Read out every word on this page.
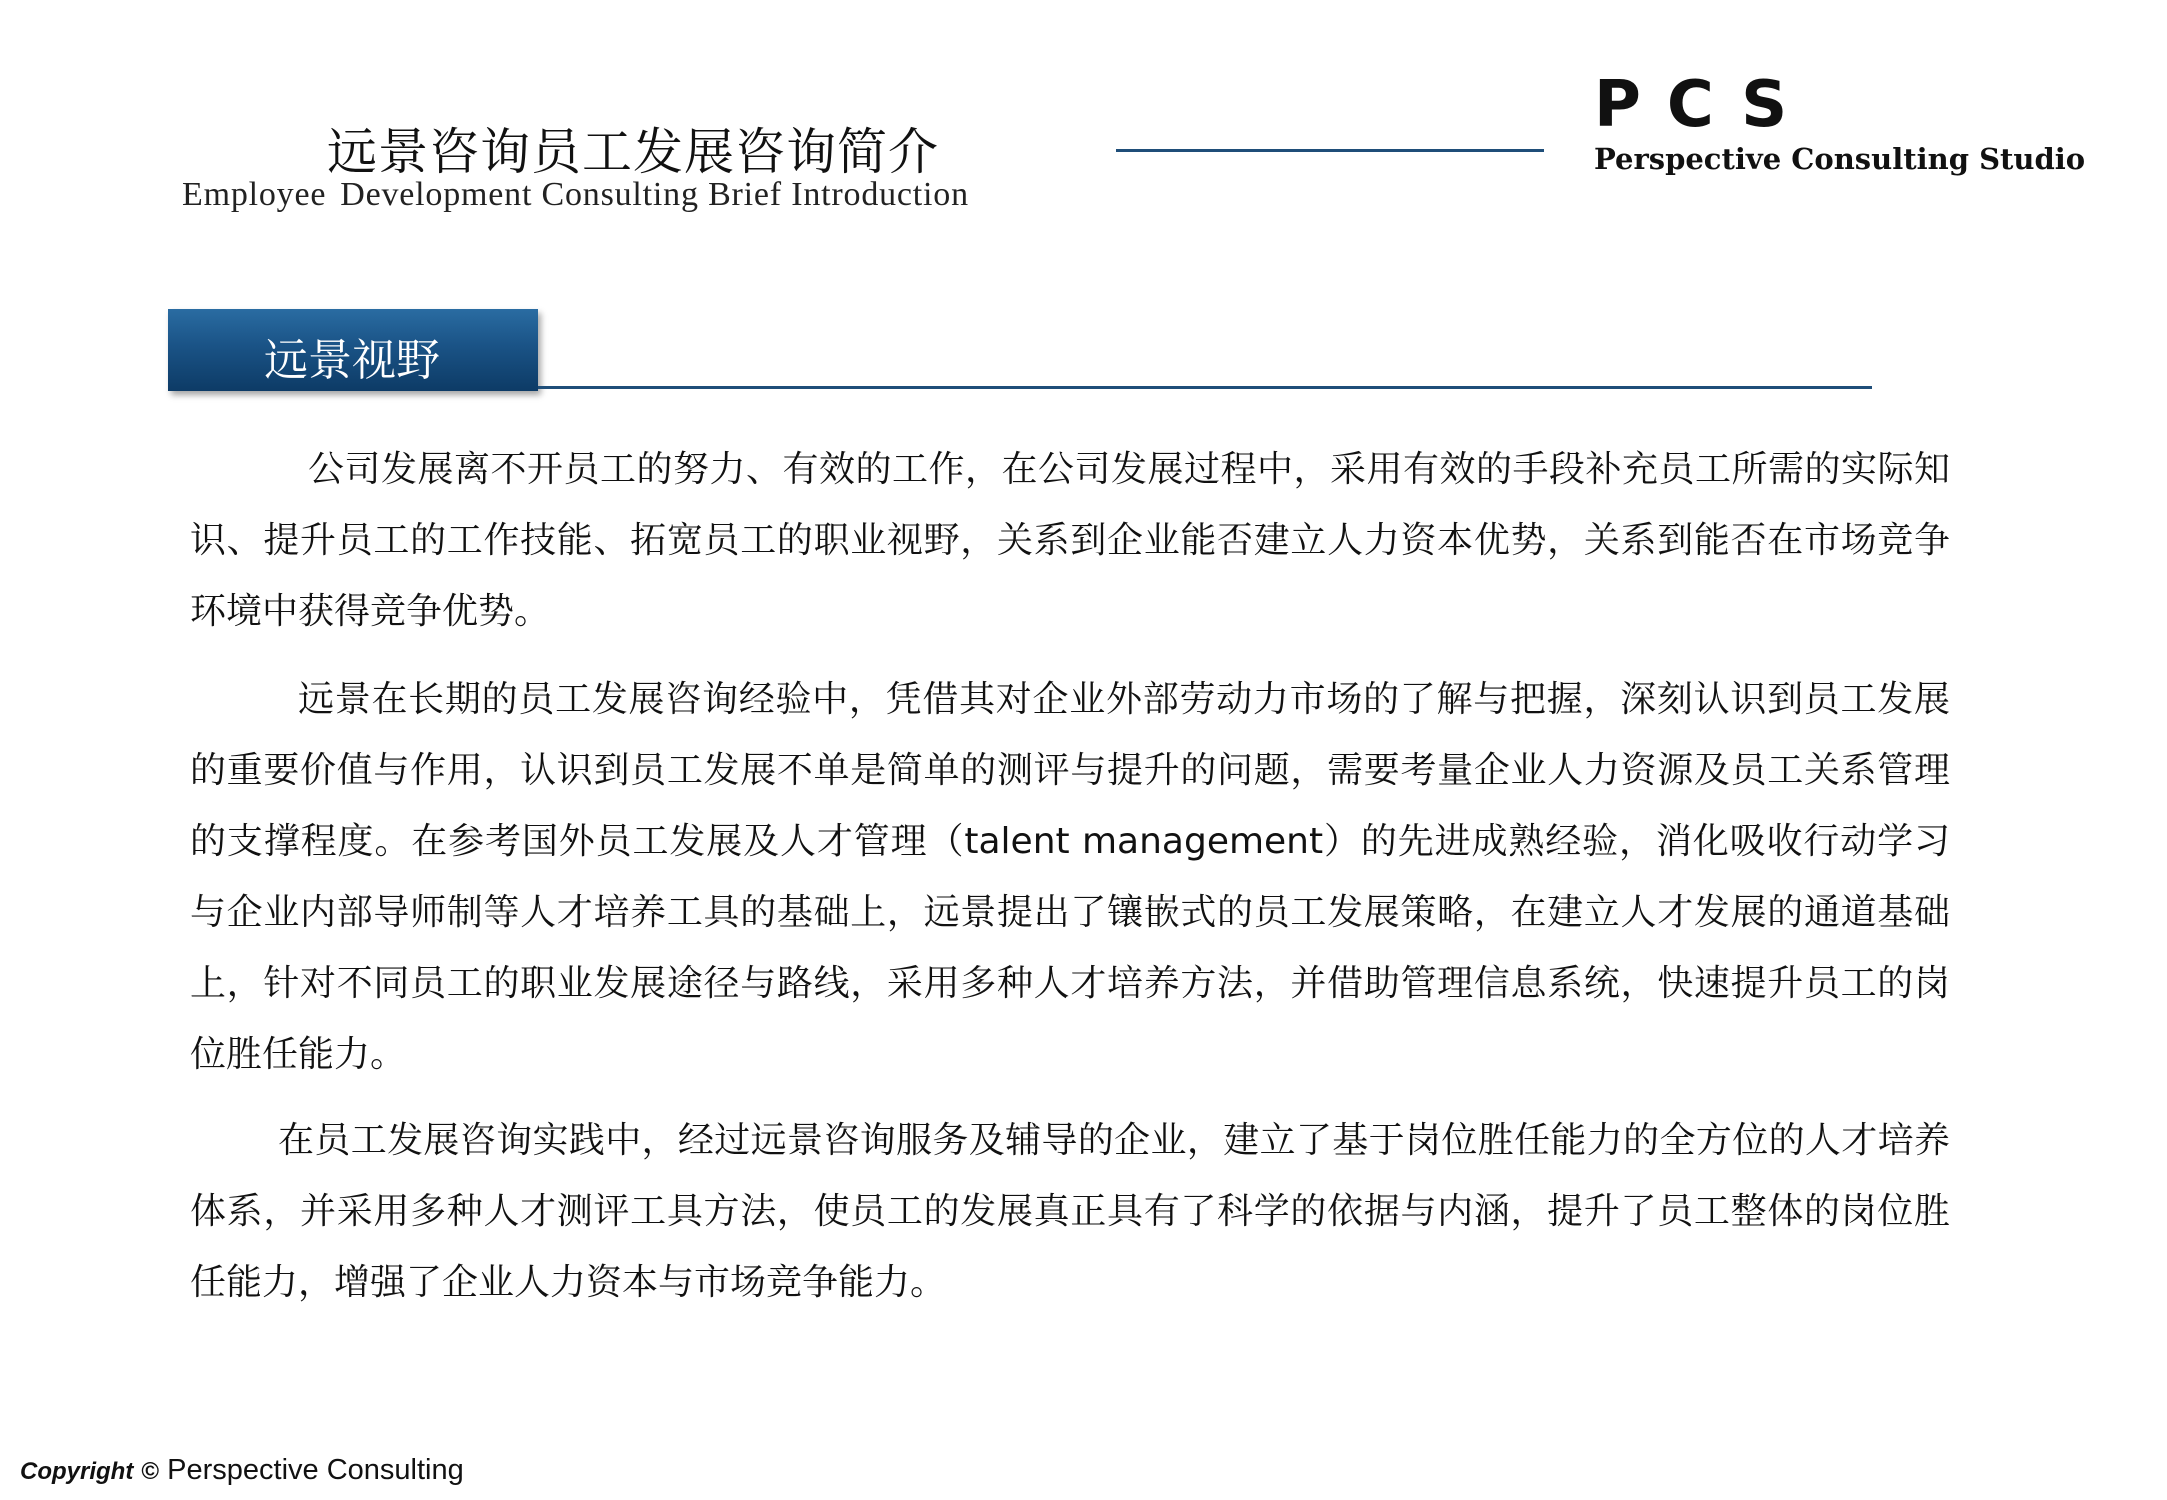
远景咨询员工发展咨询简介
Employee Development Consulting Brief Introduction
PCS
Perspective Consulting Studio
远景视野

公司发展离不开员工的努力、有效的工作，在公司发展过程中，采用有效的手段补充员工所需的实际知识、提升员工的工作技能、拓宽员工的职业视野，关系到企业能否建立人力资本优势，关系到能否在市场竞争环境中获得竞争优势。

远景在长期的员工发展咨询经验中，凭借其对企业外部劳动力市场的了解与把握，深刻认识到员工发展的重要价值与作用，认识到员工发展不单是简单的测评与提升的问题，需要考量企业人力资源及员工关系管理的支撑程度。在参考国外员工发展及人才管理（talent management）的先进成熟经验，消化吸收行动学习与企业内部导师制等人才培养工具的基础上，远景提出了镶嵌式的员工发展策略，在建立人才发展的通道基础上，针对不同员工的职业发展途径与路线，采用多种人才培养方法，并借助管理信息系统，快速提升员工的岗位胜任能力。

在员工发展咨询实践中，经过远景咨询服务及辅导的企业，建立了基于岗位胜任能力的全方位的人才培养体系，并采用多种人才测评工具方法，使员工的发展真正具有了科学的依据与内涵，提升了员工整体的岗位胜任能力，增强了企业人力资本与市场竞争能力。

Copyright © Perspective Consulting
